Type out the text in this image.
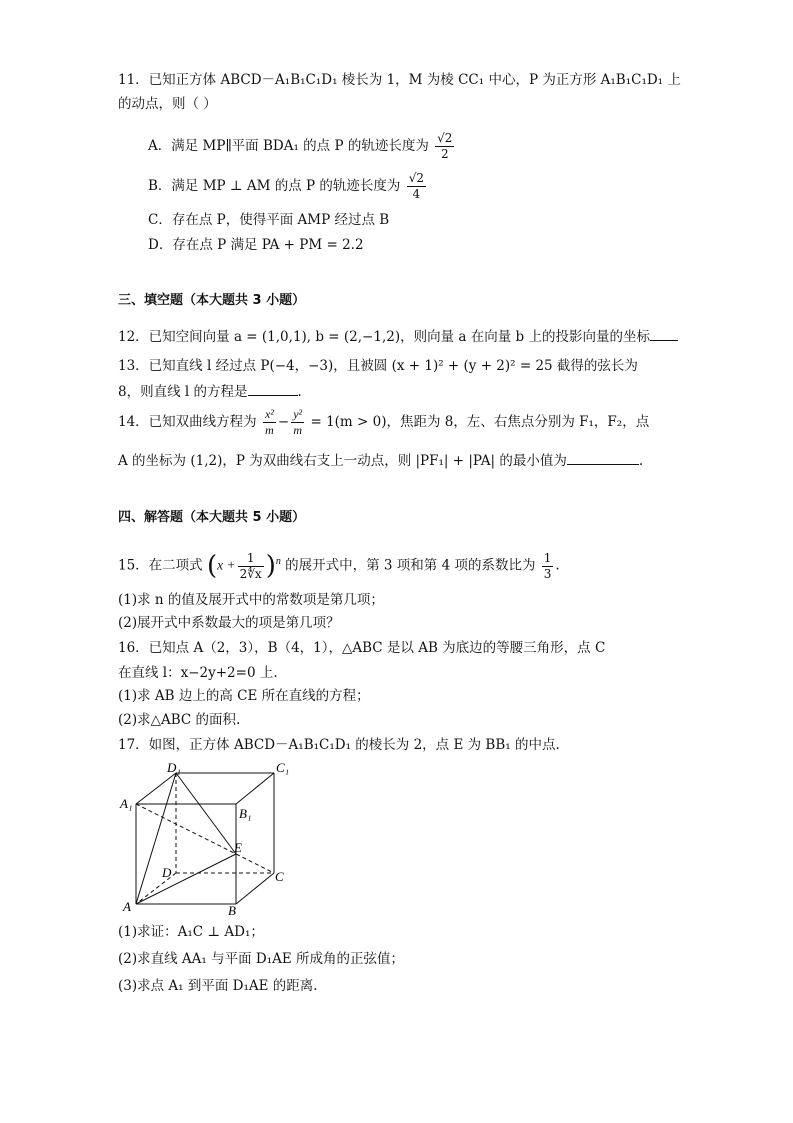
11．已知正方体 ABCD－A₁B₁C₁D₁ 棱长为 1，M 为棱 CC₁ 中心，P 为正方形 A₁B₁C₁D₁ 上
的动点，则（ ）
A．满足 MP∥平面 BDA₁ 的点 P 的轨迹长度为 $\frac{√2}{2}$
B．满足 MP ⊥ AM 的点 P 的轨迹长度为 $\frac{√2}{4}$
C．存在点 P，使得平面 AMP 经过点 B
D．存在点 P 满足 PA + PM = 2.2
三、填空题（本大题共 3 小题）
12．已知空间向量 a = (1,0,1), b = (2,−1,2)，则向量 a 在向量 b 上的投影向量的坐标
13．已知直线 l 经过点 P(−4，−3)，且被圆 (x + 1)² + (y + 2)² = 25 截得的弦长为
8，则直线 l 的方程是	.
14．已知双曲线方程为 $\frac{\text{x²}}{m} - \frac{\text{y²}}{m} = 1(m > 0)$，焦距为 8，左、右焦点分别为 F₁，F₂，点
A 的坐标为 (1,2)，P 为双曲线右支上一动点，则 |PF₁| + |PA| 的最小值为	.
四、解答题（本大题共 5 小题）
15．在二项式 $(x + \frac{1}{2∜x} )^n$ 的展开式中，第 3 项和第 4 项的系数比为 $\frac{1}{3}$ .
(1)求 n 的值及展开式中的常数项是第几项；
(2)展开式中系数最大的项是第几项？
16．已知点 A（2，3），B（4，1），△ABC 是以 AB 为底边的等腰三角形，点 C
在直线 l：x−2y+2=0 上.
(1)求 AB 边上的高 CE 所在直线的方程；
(2)求△ABC 的面积.
17．如图，正方体 ABCD－A₁B₁C₁D₁ 的棱长为 2，点 E 为 BB₁ 的中点.
D₁	C₁
A₁
B₁
E
D	C
A	B
(1)求证：A₁C ⊥ AD₁；
(2)求直线 AA₁ 与平面 D₁AE 所成角的正弦值；
(3)求点 A₁ 到平面 D₁AE 的距离.
